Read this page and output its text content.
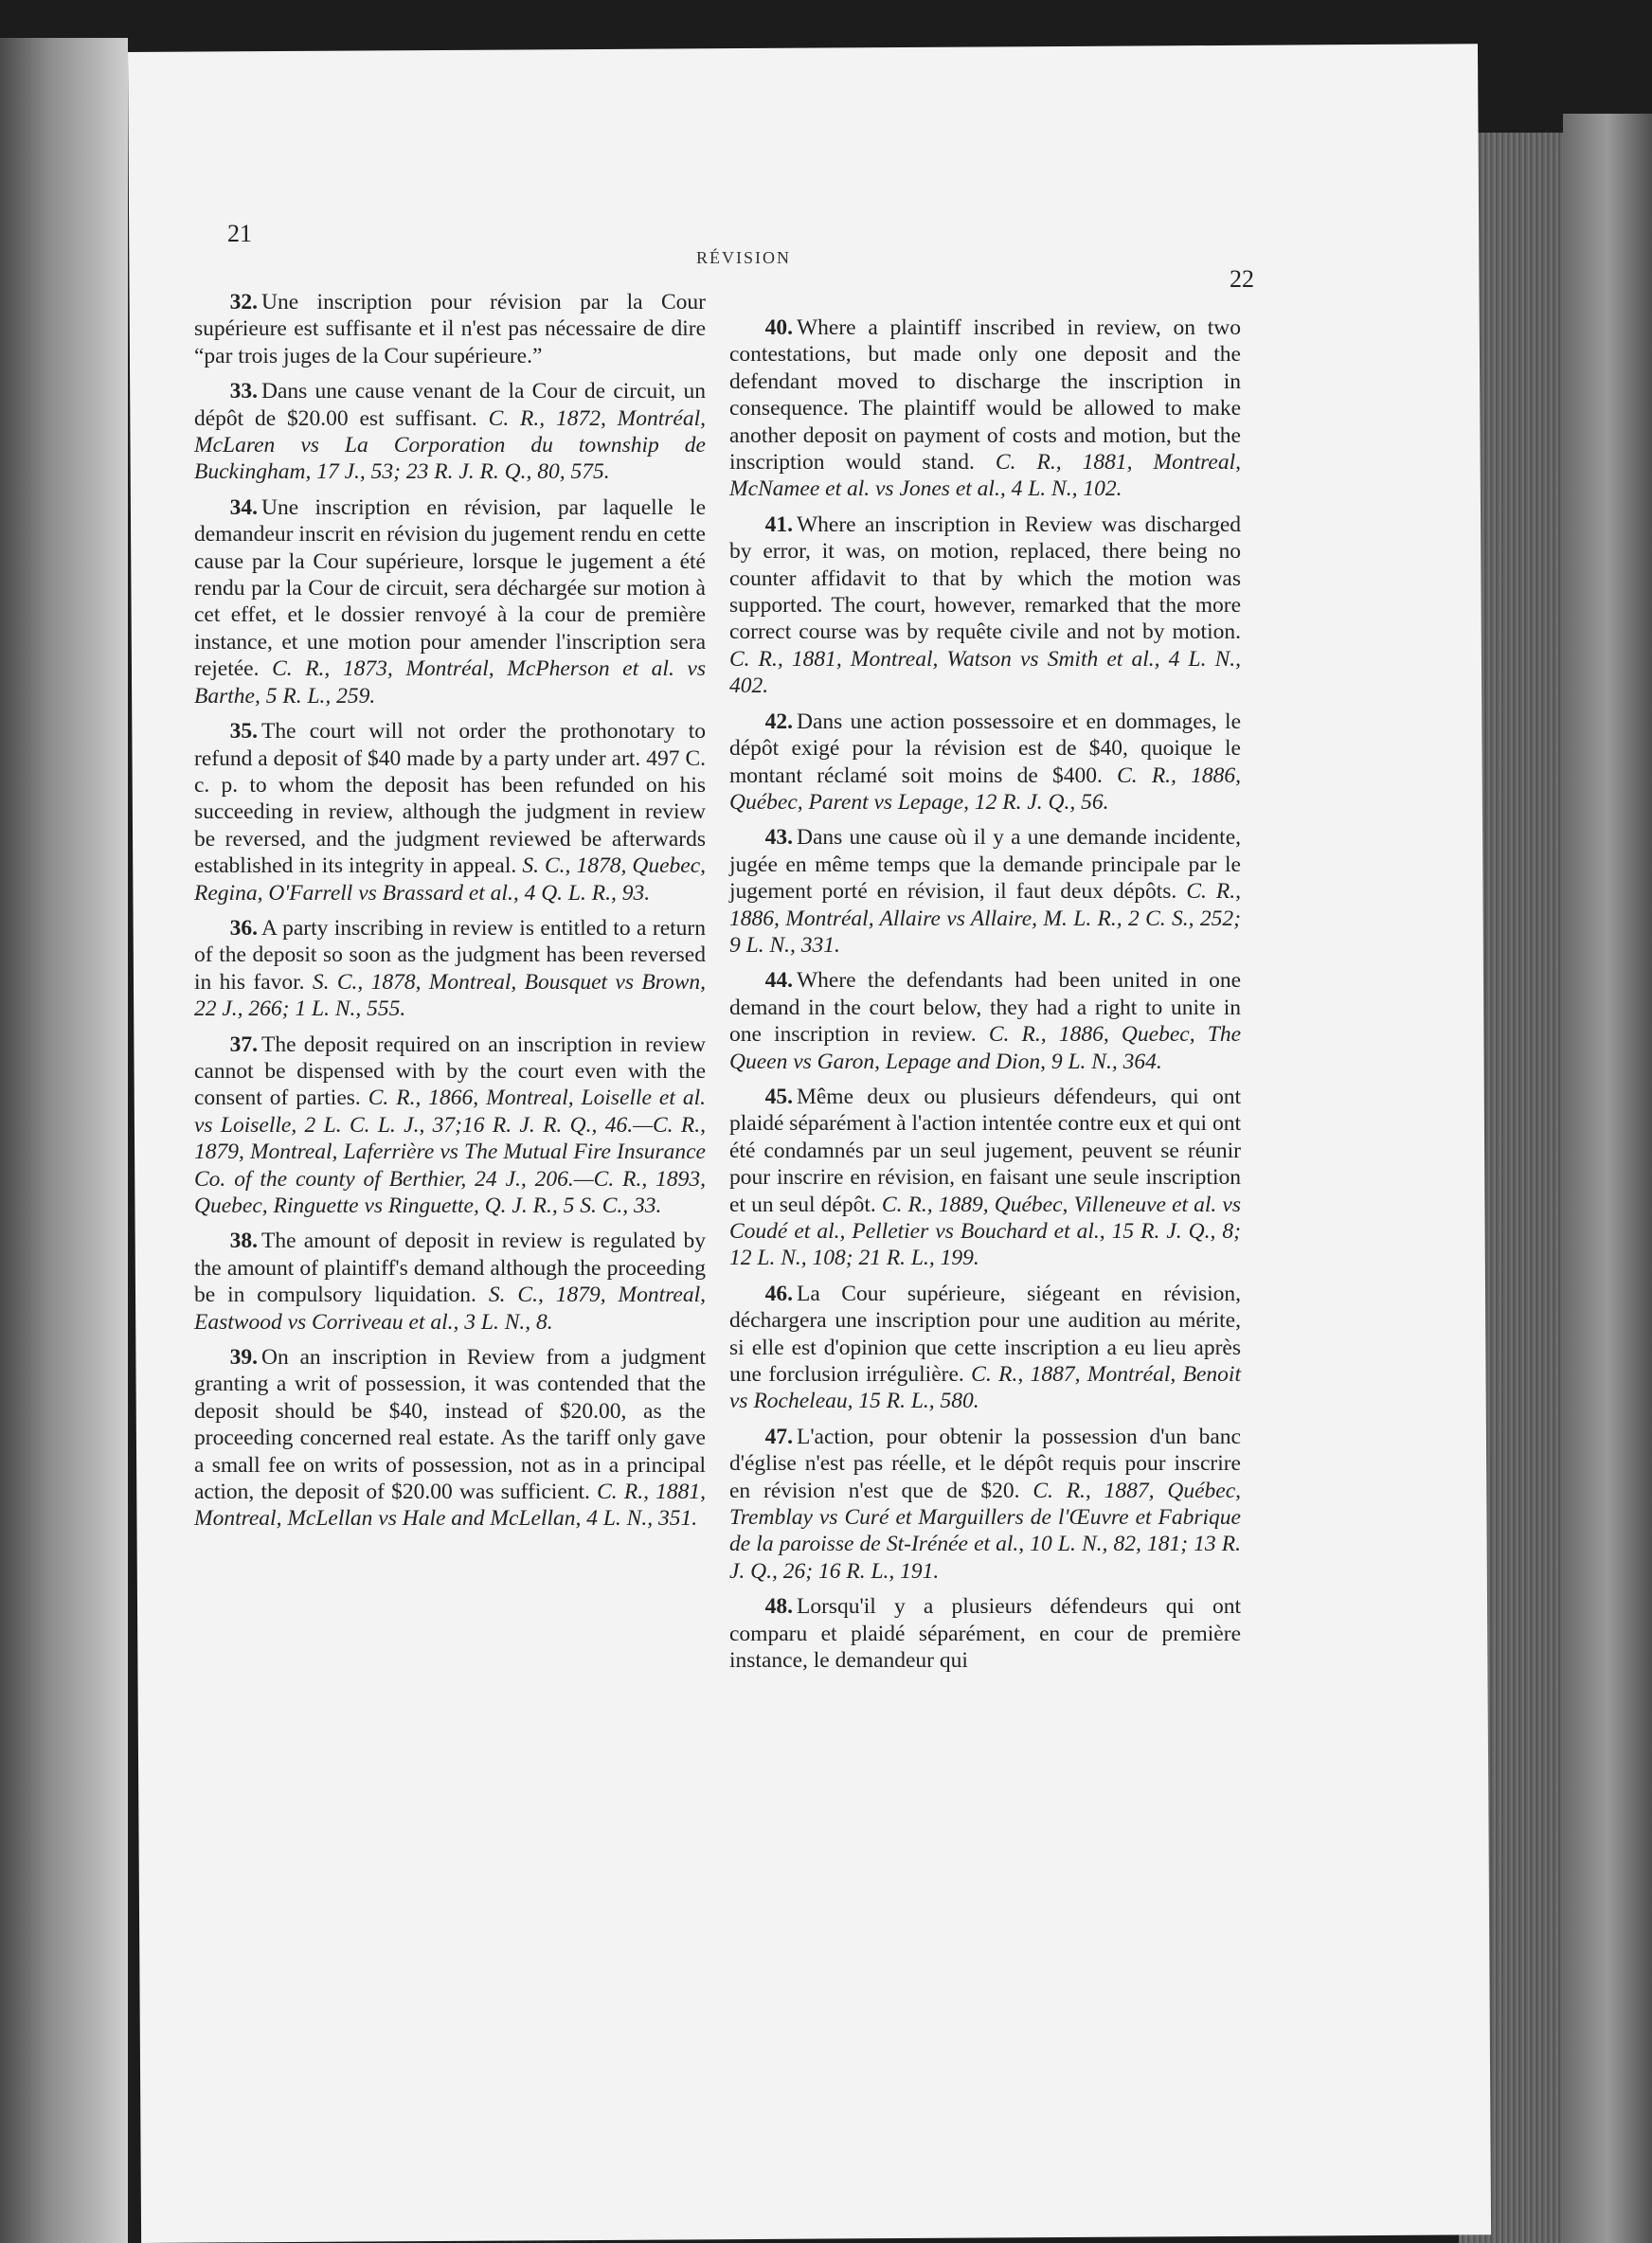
21
RÉVISION
22

32. Une inscription pour révision par la Cour supérieure est suffisante et il n'est pas nécessaire de dire “par trois juges de la Cour supérieure.”

33. Dans une cause venant de la Cour de circuit, un dépôt de $20.00 est suffisant. C. R., 1872, Montréal, McLaren vs La Corporation du township de Buckingham, 17 J., 53; 23 R. J. R. Q., 80, 575.

34. Une inscription en révision, par laquelle le demandeur inscrit en révision du jugement rendu en cette cause par la Cour supérieure, lorsque le jugement a été rendu par la Cour de circuit, sera déchargée sur motion à cet effet, et le dossier renvoyé à la cour de première instance, et une motion pour amender l'inscription sera rejetée. C. R., 1873, Montréal, McPherson et al. vs Barthe, 5 R. L., 259.

35. The court will not order the prothonotary to refund a deposit of $40 made by a party under art. 497 C. c. p. to whom the deposit has been refunded on his succeeding in review, although the judgment in review be reversed, and the judgment reviewed be afterwards established in its integrity in appeal. S. C., 1878, Quebec, Regina, O'Farrell vs Brassard et al., 4 Q. L. R., 93.

36. A party inscribing in review is entitled to a return of the deposit so soon as the judgment has been reversed in his favor. S. C., 1878, Montreal, Bousquet vs Brown, 22 J., 266; 1 L. N., 555.

37. The deposit required on an inscription in review cannot be dispensed with by the court even with the consent of parties. C. R., 1866, Montreal, Loiselle et al. vs Loiselle, 2 L. C. L. J., 37;16 R. J. R. Q., 46.—C. R., 1879, Montreal, Laferrière vs The Mutual Fire Insurance Co. of the county of Berthier, 24 J., 206.—C. R., 1893, Quebec, Ringuette vs Ringuette, Q. J. R., 5 S. C., 33.

38. The amount of deposit in review is regulated by the amount of plaintiff's demand although the proceeding be in compulsory liquidation. S. C., 1879, Montreal, Eastwood vs Corriveau et al., 3 L. N., 8.

39. On an inscription in Review from a judgment granting a writ of possession, it was contended that the deposit should be $40, instead of $20.00, as the proceeding concerned real estate. As the tariff only gave a small fee on writs of possession, not as in a principal action, the deposit of $20.00 was sufficient. C. R., 1881, Montreal, McLellan vs Hale and McLellan, 4 L. N., 351.

40. Where a plaintiff inscribed in review, on two contestations, but made only one deposit and the defendant moved to discharge the inscription in consequence. The plaintiff would be allowed to make another deposit on payment of costs and motion, but the inscription would stand. C. R., 1881, Montreal, McNamee et al. vs Jones et al., 4 L. N., 102.

41. Where an inscription in Review was discharged by error, it was, on motion, replaced, there being no counter affidavit to that by which the motion was supported. The court, however, remarked that the more correct course was by requête civile and not by motion. C. R., 1881, Montreal, Watson vs Smith et al., 4 L. N., 402.

42. Dans une action possessoire et en dommages, le dépôt exigé pour la révision est de $40, quoique le montant réclamé soit moins de $400. C. R., 1886, Québec, Parent vs Lepage, 12 R. J. Q., 56.

43. Dans une cause où il y a une demande incidente, jugée en même temps que la demande principale par le jugement porté en révision, il faut deux dépôts. C. R., 1886, Montréal, Allaire vs Allaire, M. L. R., 2 C. S., 252; 9 L. N., 331.

44. Where the defendants had been united in one demand in the court below, they had a right to unite in one inscription in review. C. R., 1886, Quebec, The Queen vs Garon, Lepage and Dion, 9 L. N., 364.

45. Même deux ou plusieurs défendeurs, qui ont plaidé séparément à l'action intentée contre eux et qui ont été condamnés par un seul jugement, peuvent se réunir pour inscrire en révision, en faisant une seule inscription et un seul dépôt. C. R., 1889, Québec, Villeneuve et al. vs Coudé et al., Pelletier vs Bouchard et al., 15 R. J. Q., 8; 12 L. N., 108; 21 R. L., 199.

46. La Cour supérieure, siégeant en révision, déchargera une inscription pour une audition au mérite, si elle est d'opinion que cette inscription a eu lieu après une forclusion irrégulière. C. R., 1887, Montréal, Benoit vs Rocheleau, 15 R. L., 580.

47. L'action, pour obtenir la possession d'un banc d'église n'est pas réelle, et le dépôt requis pour inscrire en révision n'est que de $20. C. R., 1887, Québec, Tremblay vs Curé et Marguillers de l'Œuvre et Fabrique de la paroisse de St-Irénée et al., 10 L. N., 82, 181; 13 R. J. Q., 26; 16 R. L., 191.

48. Lorsqu'il y a plusieurs défendeurs qui ont comparu et plaidé séparément, en cour de première instance, le demandeur qui
